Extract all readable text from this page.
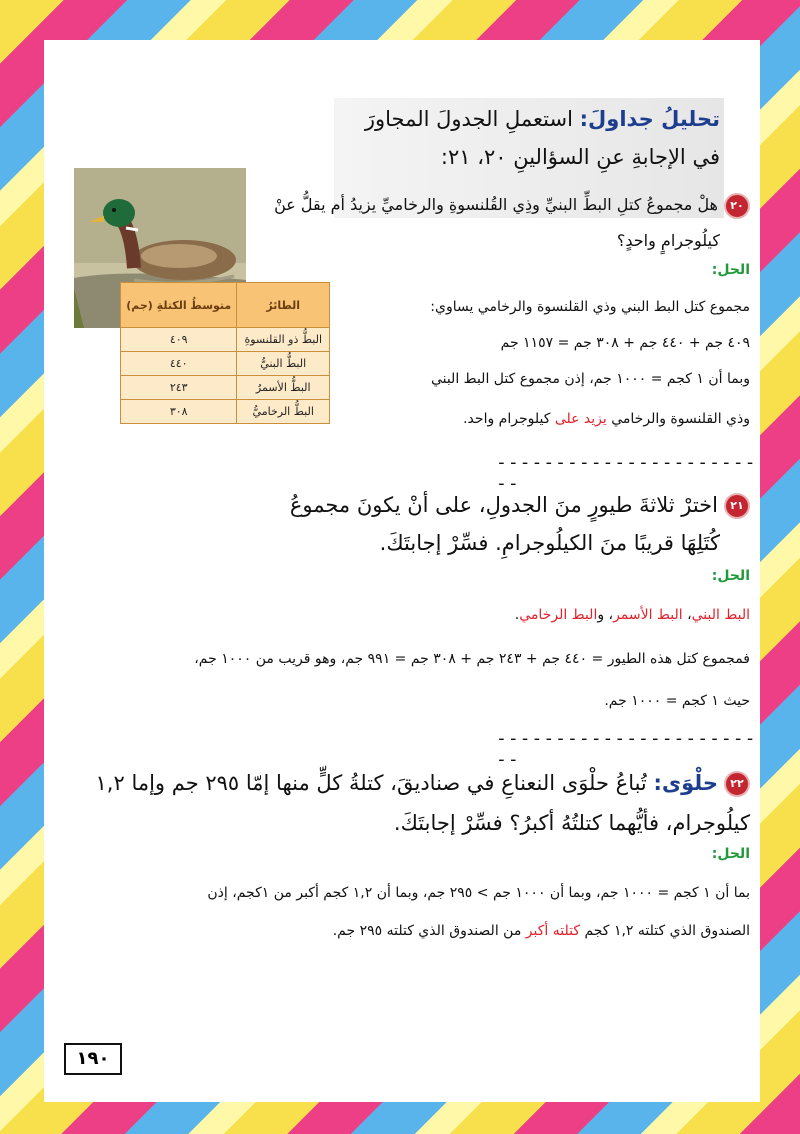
تحليلُ جداولَ: استعملِ الجدولَ المجاورَ
في الإجابةِ عنِ السؤالينِ ٢٠، ٢١:
متوسطُ الكتلةِ (جم)	الطائرُ
٤٠٩	البطُّ ذو القلنسوةِ
٤٤٠	البطُّ البنيُّ
٢٤٣	البطُّ الأسمرُ
٣٠٨	البطُّ الرخاميُّ
٢٠هلْ مجموعُ كتلِ البطِّ البنيِّ وذِي القُلنسوةِ والرخاميِّ يزيدُ أم يقلُّ عنْ
كيلُوجرامٍ واحدٍ؟
الحل:
مجموع كتل البط البني وذي القلنسوة والرخامي يساوي:
٤٠٩ جم + ٤٤٠ جم + ٣٠٨ جم = ١١٥٧ جم
وبما أن ١ كجم = ١٠٠٠ جم، إذن مجموع كتل البط البني
وذي القلنسوة والرخامي يزيد على كيلوجرام واحد.
------------------------
٢١اخترْ ثلاثةَ طيورٍ منَ الجدولِ، على أنْ يكونَ مجموعُ
كُتَلِهَا قريبًا منَ الكيلُوجرامِ. فسِّرْ إجابتَكَ.
الحل:
البط البني، البط الأسمر، والبط الرخامي.
فمجموع كتل هذه الطيور = ٤٤٠ جم + ٢٤٣ جم + ٣٠٨ جم = ٩٩١ جم، وهو قريب من ١٠٠٠ جم،
حيث ١ كجم = ١٠٠٠ جم.
------------------------
٢٢حلْوَى: تُباعُ حلْوَى النعناعِ في صناديقَ، كتلةُ كلٍّ منها إمّا ٢٩٥ جم وإما ١,٢
كيلُوجرام، فأيُّهما كتلتُهُ أكبرُ؟ فسِّرْ إجابتَكَ.
الحل:
بما أن ١ كجم = ١٠٠٠ جم، وبما أن ١٠٠٠ جم > ٢٩٥ جم، وبما أن ١,٢ كجم أكبر من ١كجم، إذن
الصندوق الذي كتلته ١,٢ كجم كتلته أكبر من الصندوق الذي كتلته ٢٩٥ جم.
١٩٠
